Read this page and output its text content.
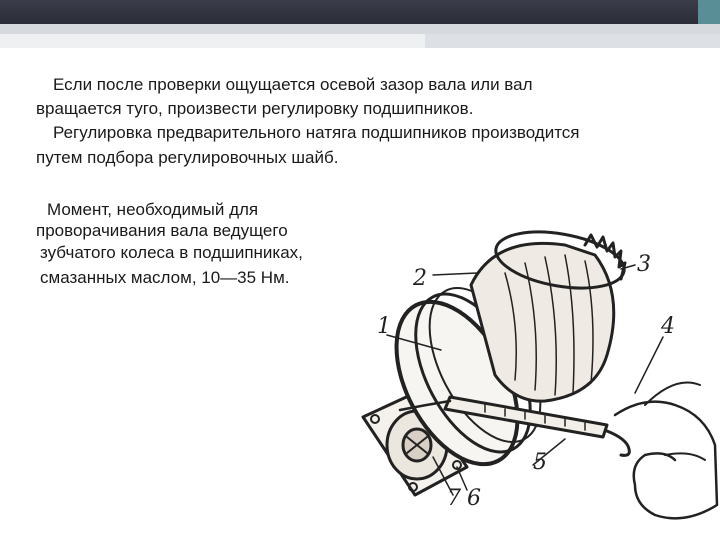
Если после проверки ощущается осевой зазор вала или вал
вращается туго, произвести регулировку подшипников.
Регулировка предварительного натяга подшипников производится
путем подбора регулировочных шайб.
Момент, необходимый для
проворачивания вала ведущего
зубчатого колеса в подшипниках,
смазанных маслом, 10—35 Нм.
1
2
3
4
5
6
7
